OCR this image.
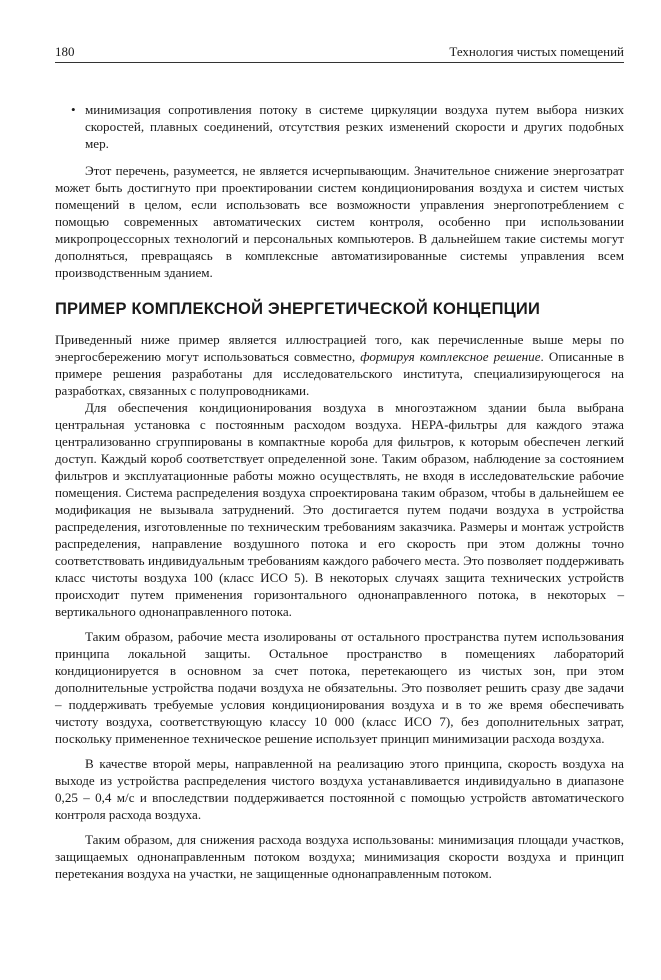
180	Технология чистых помещений
• минимизация сопротивления потоку в системе циркуляции воздуха путем выбора низких скоростей, плавных соединений, отсутствия резких изменений скорости и других подобных мер.

Этот перечень, разумеется, не является исчерпывающим. Значительное снижение энергозатрат может быть достигнуто при проектировании систем кондиционирования воздуха и систем чистых помещений в целом, если использовать все возможности управления энергопотреблением с помощью современных автоматических систем контроля, особенно при использовании микропроцессорных технологий и персональных компьютеров. В дальнейшем такие системы могут дополняться, превращаясь в комплексные автоматизированные системы управления всем производственным зданием.

ПРИМЕР КОМПЛЕКСНОЙ ЭНЕРГЕТИЧЕСКОЙ КОНЦЕПЦИИ

Приведенный ниже пример является иллюстрацией того, как перечисленные выше меры по энергосбережению могут использоваться совместно, формируя комплексное решение. Описанные в примере решения разработаны для исследовательского института, специализирующегося на разработках, связанных с полупроводниками.

Для обеспечения кондиционирования воздуха в многоэтажном здании была выбрана центральная установка с постоянным расходом воздуха. HEPA-фильтры для каждого этажа централизованно сгруппированы в компактные короба для фильтров, к которым обеспечен легкий доступ. Каждый короб соответствует определенной зоне. Таким образом, наблюдение за состоянием фильтров и эксплуатационные работы можно осуществлять, не входя в исследовательские рабочие помещения. Система распределения воздуха спроектирована таким образом, чтобы в дальнейшем ее модификация не вызывала затруднений. Это достигается путем подачи воздуха в устройства распределения, изготовленные по техническим требованиям заказчика. Размеры и монтаж устройств распределения, направление воздушного потока и его скорость при этом должны точно соответствовать индивидуальным требованиям каждого рабочего места. Это позволяет поддерживать класс чистоты воздуха 100 (класс ИСО 5). В некоторых случаях защита технических устройств происходит путем применения горизонтального однонаправленного потока, в некоторых – вертикального однонаправленного потока.

Таким образом, рабочие места изолированы от остального пространства путем использования принципа локальной защиты. Остальное пространство в помещениях лабораторий кондиционируется в основном за счет потока, перетекающего из чистых зон, при этом дополнительные устройства подачи воздуха не обязательны. Это позволяет решить сразу две задачи – поддерживать требуемые условия кондиционирования воздуха и в то же время обеспечивать чистоту воздуха, соответствующую классу 10 000 (класс ИСО 7), без дополнительных затрат, поскольку примененное техническое решение использует принцип минимизации расхода воздуха.

В качестве второй меры, направленной на реализацию этого принципа, скорость воздуха на выходе из устройства распределения чистого воздуха устанавливается индивидуально в диапазоне 0,25 – 0,4 м/с и впоследствии поддерживается постоянной с помощью устройств автоматического контроля расхода воздуха.

Таким образом, для снижения расхода воздуха использованы: минимизация площади участков, защищаемых однонаправленным потоком воздуха; минимизация скорости воздуха и принцип перетекания воздуха на участки, не защищенные однонаправленным потоком.
